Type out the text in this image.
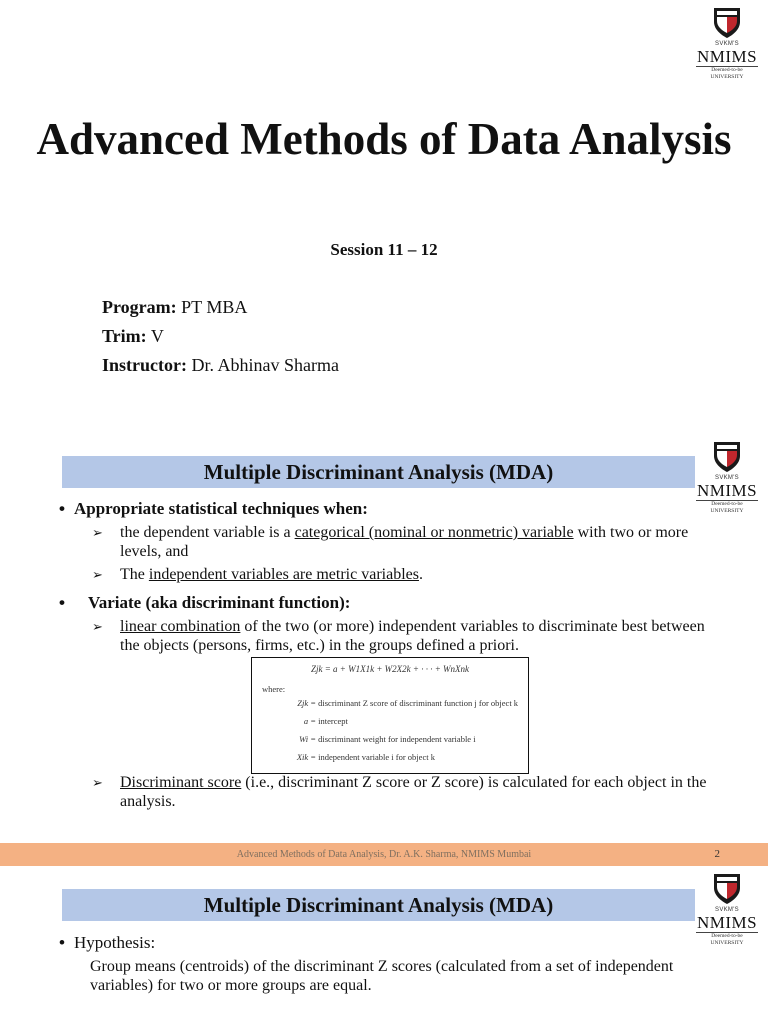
SVKM'S
NMIMS
Deemed-to-be UNIVERSITY
Advanced Methods of Data Analysis
Session 11 – 12
Program: PT MBA
Trim: V
Instructor: Dr. Abhinav Sharma
SVKM'S
NMIMS
Deemed-to-be UNIVERSITY
Multiple Discriminant Analysis (MDA)
• Appropriate statistical techniques when:
➢ the dependent variable is a categorical (nominal or nonmetric) variable with two or more levels, and
➢ The independent variables are metric variables.
• Variate (aka discriminant function):
➢ linear combination of the two (or more) independent variables to discriminate best between the objects (persons, firms, etc.) in the groups defined a priori.
Zjk = a + W1X1k + W2X2k + · · · + WnXnk
where:
Zjk = discriminant Z score of discriminant function j for object k
a = intercept
Wi = discriminant weight for independent variable i
Xik = independent variable i for object k
➢ Discriminant score (i.e., discriminant Z score or Z score) is calculated for each object in the analysis.
Advanced Methods of Data Analysis, Dr. A.K. Sharma, NMIMS Mumbai	2
SVKM'S
NMIMS
Deemed-to-be UNIVERSITY
Multiple Discriminant Analysis (MDA)
• Hypothesis:
Group means (centroids) of the discriminant Z scores (calculated from a set of independent variables) for two or more groups are equal.
